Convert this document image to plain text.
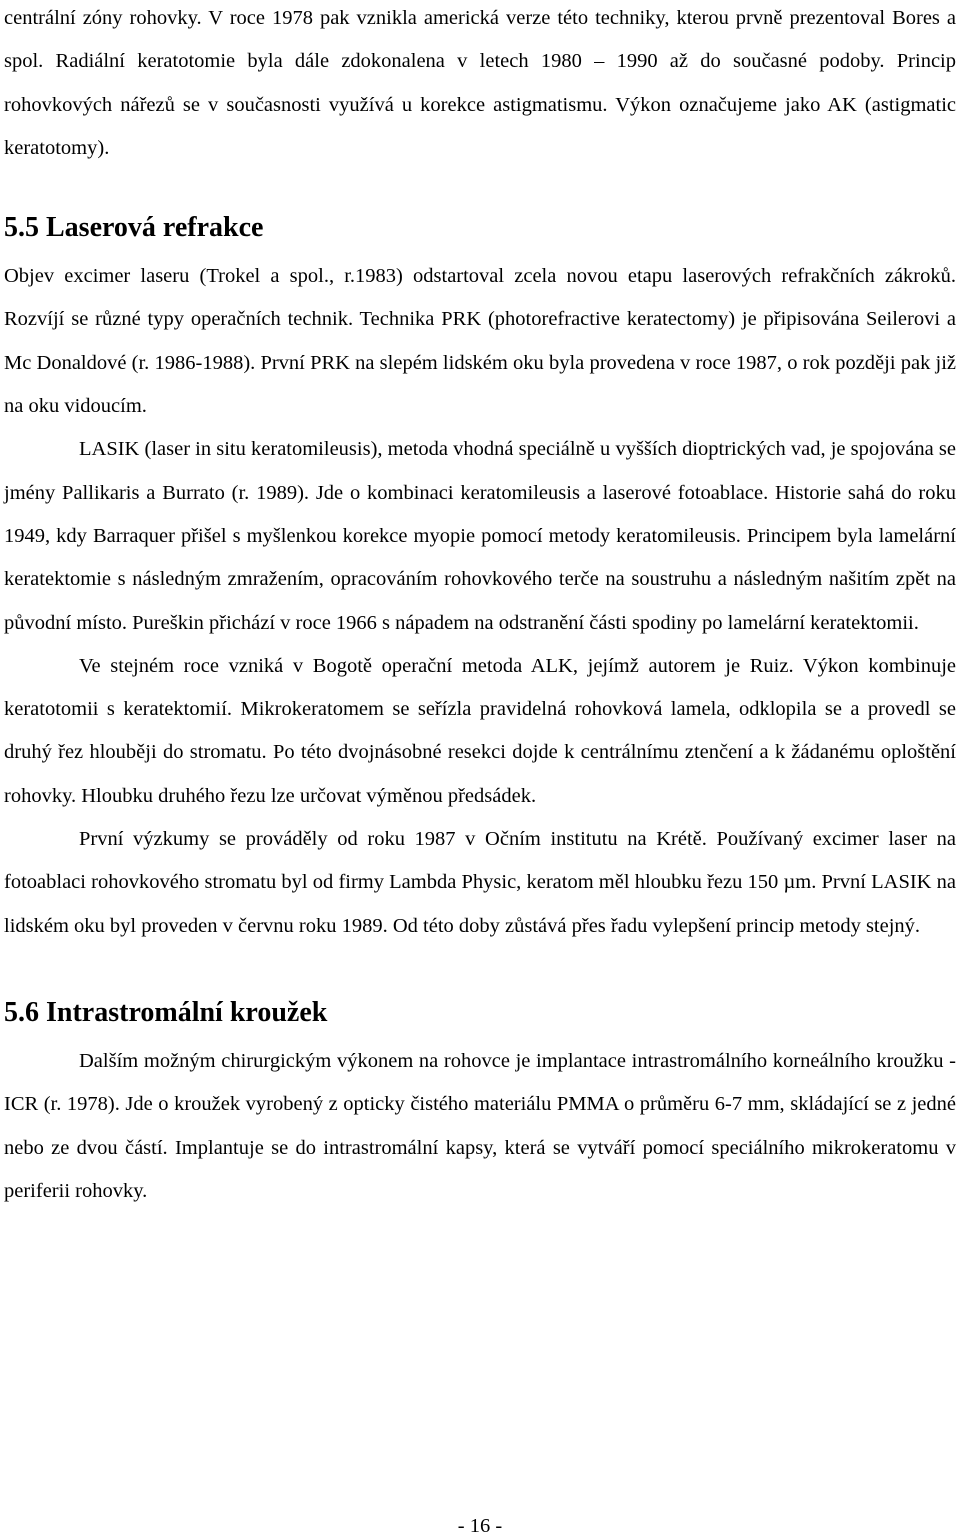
centrální zóny rohovky. V roce 1978 pak vznikla americká verze této techniky, kterou prvně prezentoval Bores a spol. Radiální keratotomie byla dále zdokonalena v letech 1980 – 1990 až do současné podoby. Princip rohovkových nářezů se v současnosti využívá u korekce astigmatismu. Výkon označujeme jako AK (astigmatic keratotomy).

5.5 Laserová refrakce

Objev excimer laseru (Trokel a spol., r.1983) odstartoval zcela novou etapu laserových refrakčních zákroků. Rozvíjí se různé typy operačních technik. Technika PRK (photorefractive keratectomy) je připisována Seilerovi a Mc Donaldové (r. 1986-1988). První PRK na slepém lidském oku byla provedena v roce 1987, o rok později pak již na oku vidoucím.

LASIK (laser in situ keratomileusis), metoda vhodná speciálně u vyšších dioptrických vad, je spojována se jmény Pallikaris a Burrato (r. 1989). Jde o kombinaci keratomileusis a laserové fotoablace. Historie sahá do roku 1949, kdy Barraquer přišel s myšlenkou korekce myopie pomocí metody keratomileusis. Principem byla lamelární keratektomie s následným zmražením, opracováním rohovkového terče na soustruhu a následným našitím zpět na původní místo. Pureškin přichází v roce 1966 s nápadem na odstranění části spodiny po lamelární keratektomii.

Ve stejném roce vzniká v Bogotě operační metoda ALK, jejímž autorem je Ruiz. Výkon kombinuje keratotomii s keratektomií. Mikrokeratomem se seřízla pravidelná rohovková lamela, odklopila se a provedl se druhý řez hlouběji do stromatu. Po této dvojnásobné resekci dojde k centrálnímu ztenčení a k žádanému oploštění rohovky. Hloubku druhého řezu lze určovat výměnou předsádek.

První výzkumy se prováděly od roku 1987 v Očním institutu na Krétě. Používaný excimer laser na fotoablaci rohovkového stromatu byl od firmy Lambda Physic, keratom měl hloubku řezu 150 µm. První LASIK na lidském oku byl proveden v červnu roku 1989. Od této doby zůstává přes řadu vylepšení princip metody stejný.

5.6 Intrastromální kroužek

Dalším možným chirurgickým výkonem na rohovce je implantace intrastromálního korneálního kroužku - ICR (r. 1978). Jde o kroužek vyrobený z opticky čistého materiálu PMMA o průměru 6-7 mm, skládající se z jedné nebo ze dvou částí. Implantuje se do intrastromální kapsy, která se vytváří pomocí speciálního mikrokeratomu v periferii rohovky.

- 16 -
